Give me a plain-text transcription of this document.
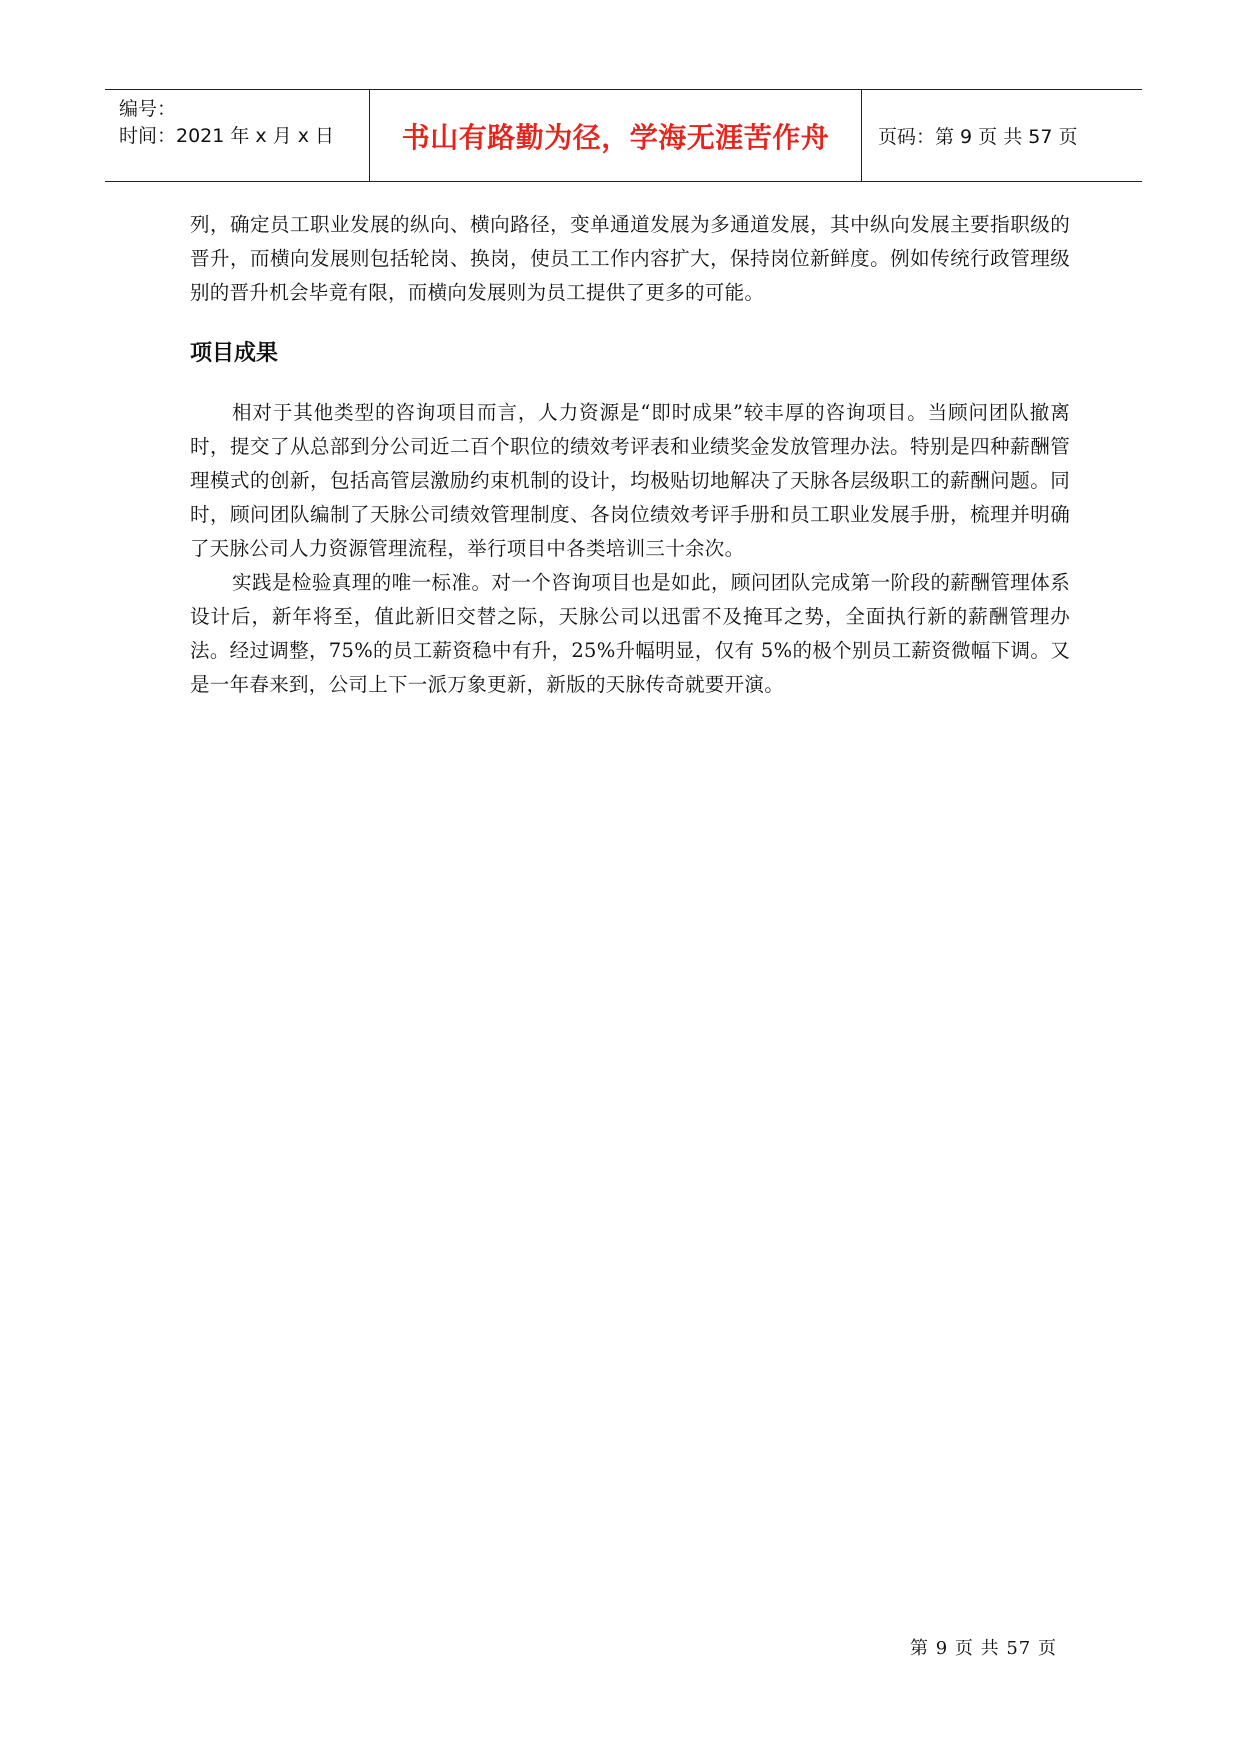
编号：
时间：2021 年 x 月 x 日	书山有路勤为径，学海无涯苦作舟	页码：第 9 页 共 57 页

列，确定员工职业发展的纵向、横向路径，变单通道发展为多通道发展，其中纵向发展主要指职级的晋升，而横向发展则包括轮岗、换岗，使员工工作内容扩大，保持岗位新鲜度。例如传统行政管理级别的晋升机会毕竟有限，而横向发展则为员工提供了更多的可能。

项目成果

相对于其他类型的咨询项目而言，人力资源是“即时成果”较丰厚的咨询项目。当顾问团队撤离时，提交了从总部到分公司近二百个职位的绩效考评表和业绩奖金发放管理办法。特别是四种薪酬管理模式的创新，包括高管层激励约束机制的设计，均极贴切地解决了天脉各层级职工的薪酬问题。同时，顾问团队编制了天脉公司绩效管理制度、各岗位绩效考评手册和员工职业发展手册，梳理并明确了天脉公司人力资源管理流程，举行项目中各类培训三十余次。

实践是检验真理的唯一标准。对一个咨询项目也是如此，顾问团队完成第一阶段的薪酬管理体系设计后，新年将至，值此新旧交替之际，天脉公司以迅雷不及掩耳之势，全面执行新的薪酬管理办法。经过调整，75%的员工薪资稳中有升，25%升幅明显，仅有 5%的极个别员工薪资微幅下调。又是一年春来到，公司上下一派万象更新，新版的天脉传奇就要开演。

第 9 页 共 57 页
